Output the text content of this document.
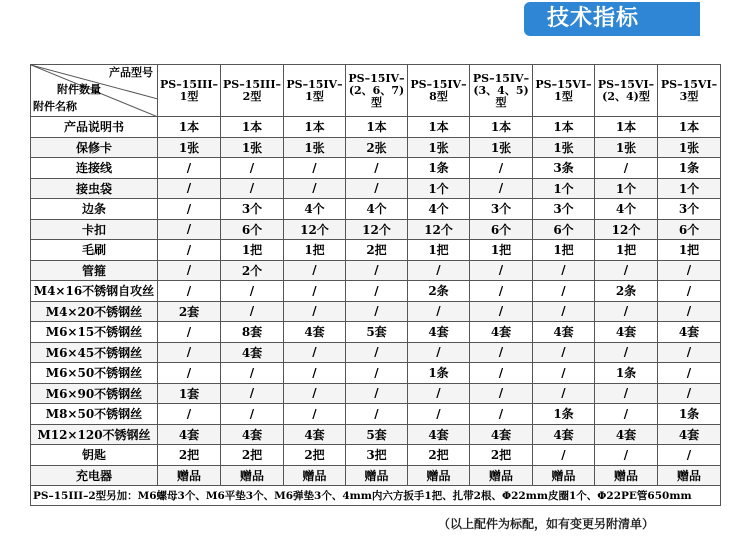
技术指标
产品型号
附件数量
附件名称	PS–15III–1型	PS–15III–2型	PS–15IV–1型	PS–15IV–(2、6、7)型	PS–15IV–8型	PS–15IV–(3、4、5)型	PS–15VI–1型	PS–15VI–(2、4)型	PS–15VI–3型
产品说明书	1本	1本	1本	1本	1本	1本	1本	1本	1本
保修卡	1张	1张	1张	2张	1张	1张	1张	1张	1张
连接线	/	/	/	/	1条	/	3条	/	1条
接虫袋	/	/	/	/	1个	/	1个	1个	1个
边条	/	3个	4个	4个	4个	3个	3个	4个	3个
卡扣	/	6个	12个	12个	12个	6个	6个	12个	6个
毛刷	/	1把	1把	2把	1把	1把	1把	1把	1把
管箍	/	2个	/	/	/	/	/	/	/
M4×16不锈钢自攻丝	/	/	/	/	2条	/	/	2条	/
M4×20不锈钢丝	2套	/	/	/	/	/	/	/	/
M6×15不锈钢丝	/	8套	4套	5套	4套	4套	4套	4套	4套
M6×45不锈钢丝	/	4套	/	/	/	/	/	/	/
M6×50不锈钢丝	/	/	/	/	1条	/	/	1条	/
M6×90不锈钢丝	1套	/	/	/	/	/	/	/	/
M8×50不锈钢丝	/	/	/	/	/	/	1条	/	1条
M12×120不锈钢丝	4套	4套	4套	5套	4套	4套	4套	4套	4套
钥匙	2把	2把	2把	3把	2把	2把	/	/	/
充电器	赠品	赠品	赠品	赠品	赠品	赠品	赠品	赠品	赠品
PS–15III–2型另加：M6螺母3个、M6平垫3个、M6弹垫3个、4mm内六方扳手1把、扎带2根、Φ22mm皮圈1个、Φ22PE管650mm									
（以上配件为标配，如有变更另附清单）
